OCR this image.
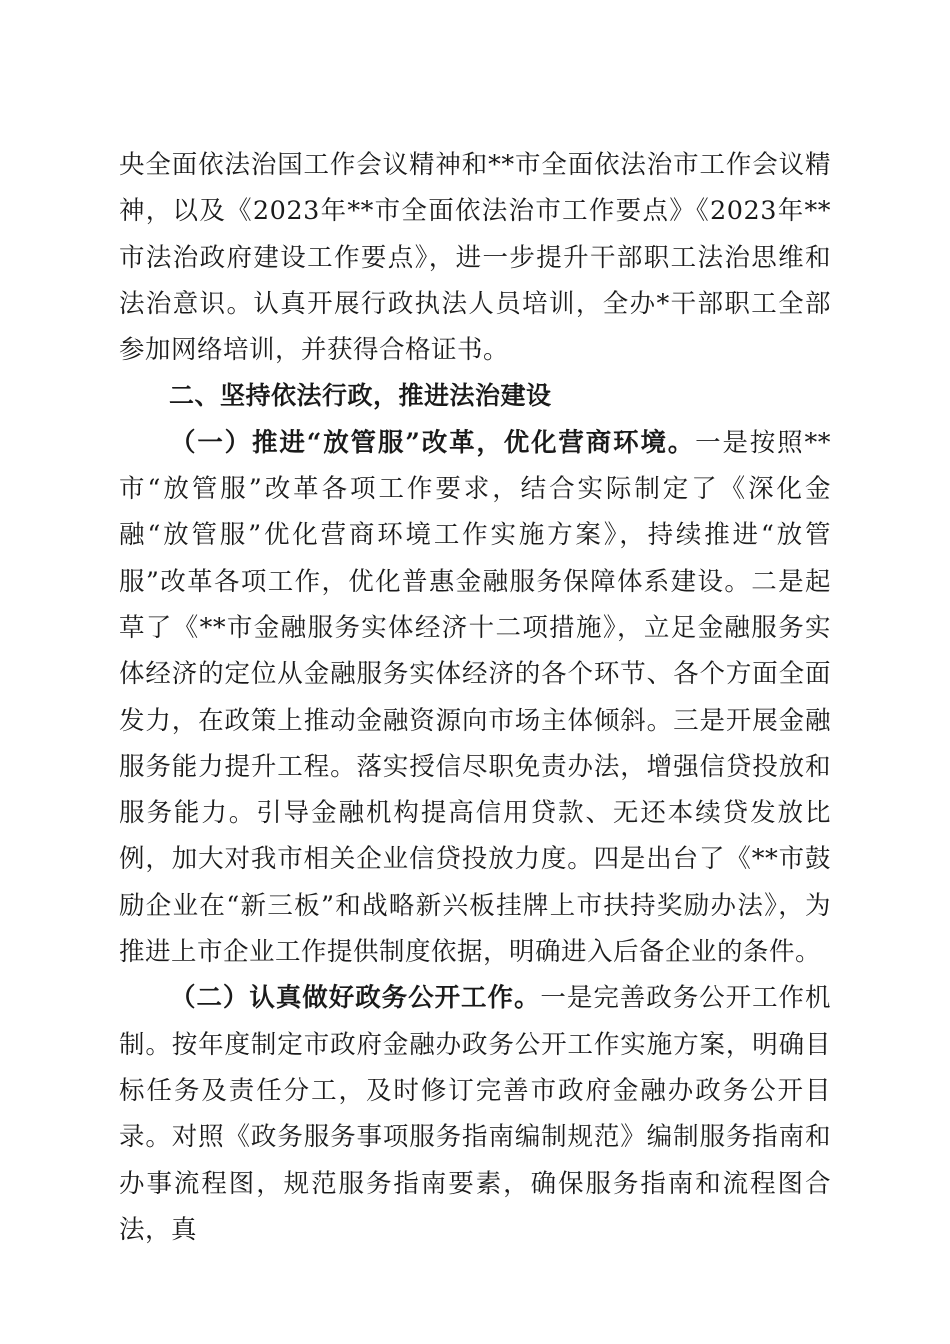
央全面依法治国工作会议精神和**市全面依法治市工作会议精神，以及《2023年**市全面依法治市工作要点》《2023年**市法治政府建设工作要点》，进一步提升干部职工法治思维和法治意识。认真开展行政执法人员培训，全办*干部职工全部参加网络培训，并获得合格证书。

二、坚持依法行政，推进法治建设

（一）推进“放管服”改革，优化营商环境。一是按照**市“放管服”改革各项工作要求，结合实际制定了《深化金融“放管服”优化营商环境工作实施方案》，持续推进“放管服”改革各项工作，优化普惠金融服务保障体系建设。二是起草了《**市金融服务实体经济十二项措施》，立足金融服务实体经济的定位从金融服务实体经济的各个环节、各个方面全面发力，在政策上推动金融资源向市场主体倾斜。三是开展金融服务能力提升工程。落实授信尽职免责办法，增强信贷投放和服务能力。引导金融机构提高信用贷款、无还本续贷发放比例，加大对我市相关企业信贷投放力度。四是出台了《**市鼓励企业在“新三板”和战略新兴板挂牌上市扶持奖励办法》，为推进上市企业工作提供制度依据，明确进入后备企业的条件。

（二）认真做好政务公开工作。一是完善政务公开工作机制。按年度制定市政府金融办政务公开工作实施方案，明确目标任务及责任分工，及时修订完善市政府金融办政务公开目录。对照《政务服务事项服务指南编制规范》编制服务指南和办事流程图，规范服务指南要素，确保服务指南和流程图合法，真
